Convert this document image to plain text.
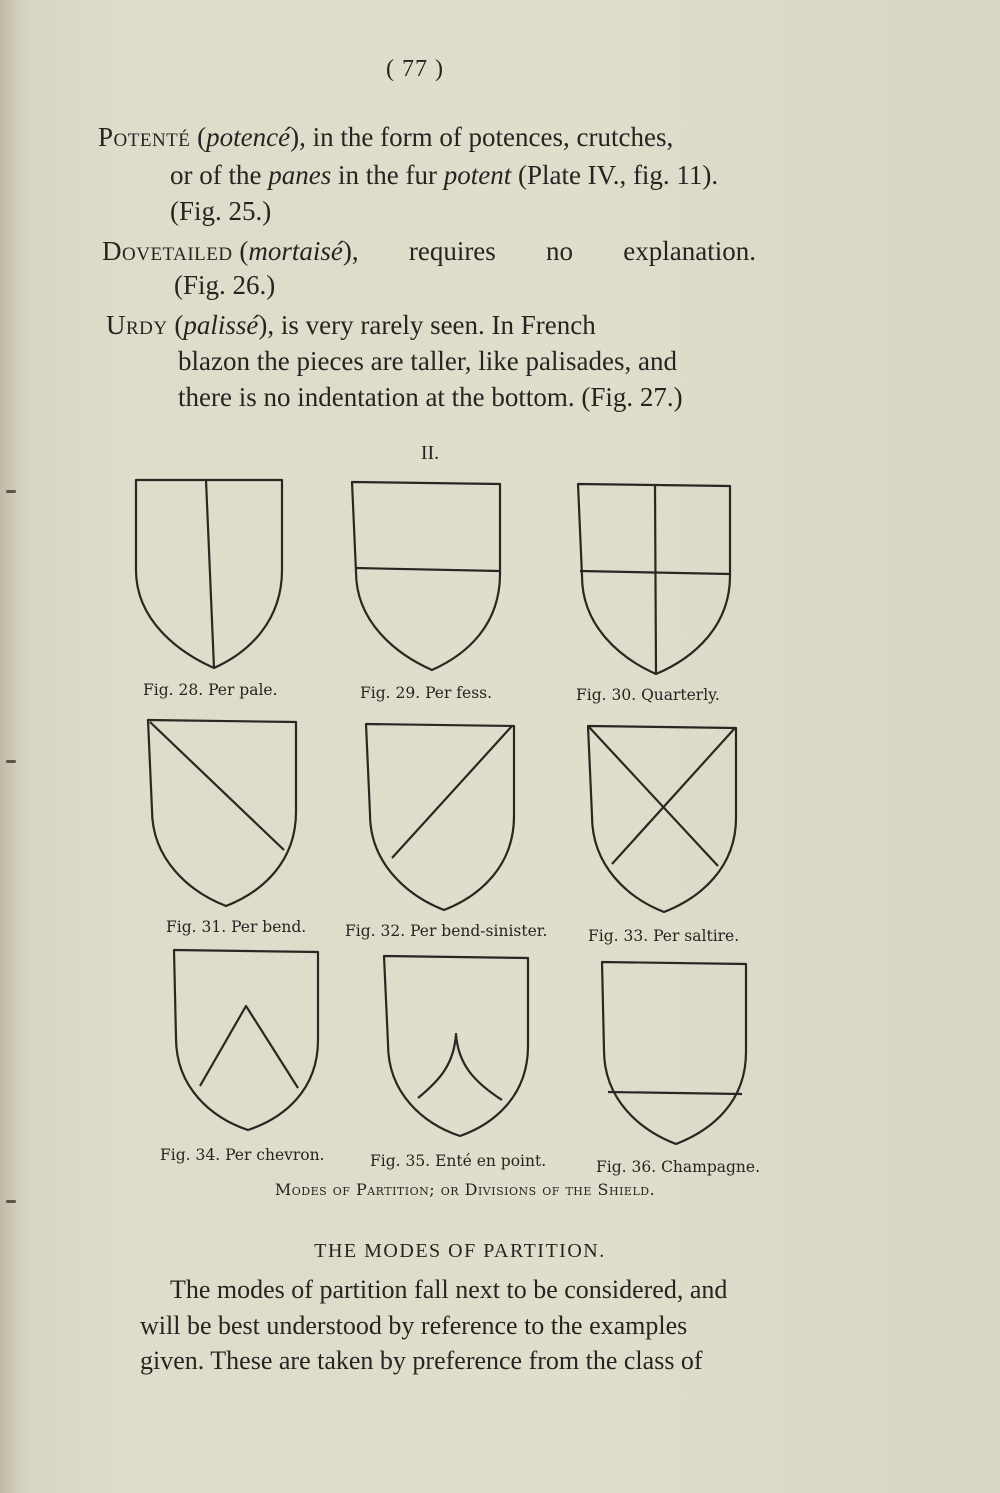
( 77 )
Potenté (potencé), in the form of potences, crutches,
or of the panes in the fur potent (Plate IV., fig. 11).
(Fig. 25.)
Dovetailed (mortaisé), requires no explanation.
(Fig. 26.)
Urdy (palissé), is very rarely seen. In French
blazon the pieces are taller, like palisades, and
there is no indentation at the bottom. (Fig. 27.)
II.
Fig. 28. Per pale.	Fig. 29. Per fess.	Fig. 30. Quarterly.
Fig. 31. Per bend.	Fig. 32. Per bend-sinister.	Fig. 33. Per saltire.
Fig. 34. Per chevron.	Fig. 35. Enté en point.	Fig. 36. Champagne.
Modes of Partition; or Divisions of the Shield.
THE MODES OF PARTITION.
The modes of partition fall next to be considered, and
will be best understood by reference to the examples
given. These are taken by preference from the class of
